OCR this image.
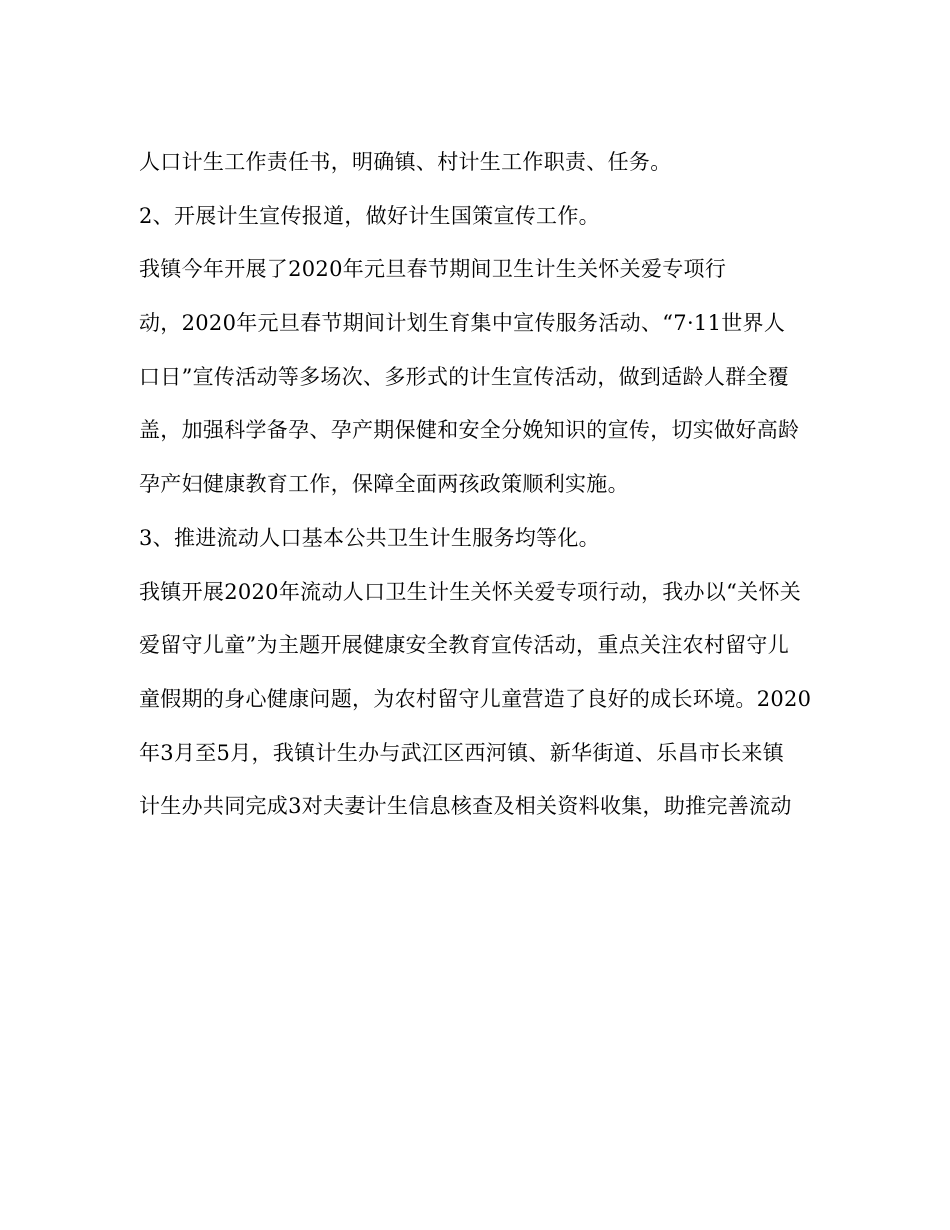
人口计生工作责任书，明确镇、村计生工作职责、任务。
2、开展计生宣传报道，做好计生国策宣传工作。
我镇今年开展了2020年元旦春节期间卫生计生关怀关爱专项行
动，2020年元旦春节期间计划生育集中宣传服务活动、“7·11世界人
口日”宣传活动等多场次、多形式的计生宣传活动，做到适龄人群全覆
盖，加强科学备孕、孕产期保健和安全分娩知识的宣传，切实做好高龄
孕产妇健康教育工作，保障全面两孩政策顺利实施。
3、推进流动人口基本公共卫生计生服务均等化。
我镇开展2020年流动人口卫生计生关怀关爱专项行动，我办以“关怀关
爱留守儿童”为主题开展健康安全教育宣传活动，重点关注农村留守儿
童假期的身心健康问题，为农村留守儿童营造了良好的成长环境。2020
年3月至5月，我镇计生办与武江区西河镇、新华街道、乐昌市长来镇
计生办共同完成3对夫妻计生信息核查及相关资料收集，助推完善流动
